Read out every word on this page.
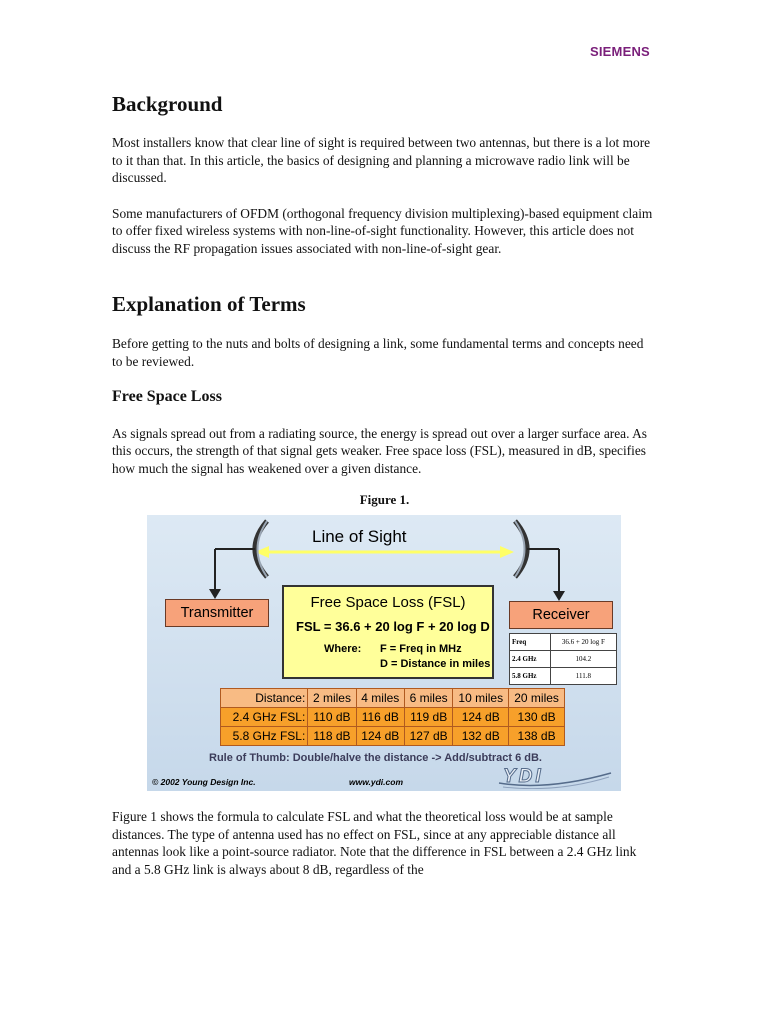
SIEMENS
Background

Most installers know that clear line of sight is required between two antennas, but there is a lot more to it than that. In this article, the basics of designing and planning a microwave radio link will be discussed.

Some manufacturers of OFDM (orthogonal frequency division multiplexing)-based equipment claim to offer fixed wireless systems with non-line-of-sight functionality. However, this article does not discuss the RF propagation issues associated with non-line-of-sight gear.

Explanation of Terms

Before getting to the nuts and bolts of designing a link, some fundamental terms and concepts need to be reviewed.

Free Space Loss

As signals spread out from a radiating source, the energy is spread out over a larger surface area. As this occurs, the strength of that signal gets weaker. Free space loss (FSL), measured in dB, specifies how much the signal has weakened over a given distance.

Figure 1.
Line of Sight
Transmitter	Receiver
Free Space Loss (FSL)
FSL = 36.6 + 20 log F + 20 log D
Where: F = Freq in MHz
D = Distance in miles
Freq	36.6 + 20 log F
2.4 GHz	104.2
5.8 GHz	111.8
Distance:	2 miles	4 miles	6 miles	10 miles	20 miles
2.4 GHz FSL:	110 dB	116 dB	119 dB	124 dB	130 dB
5.8 GHz FSL:	118 dB	124 dB	127 dB	132 dB	138 dB
Rule of Thumb: Double/halve the distance -> Add/subtract 6 dB.
© 2002 Young Design Inc.	www.ydi.com	YDI

Figure 1 shows the formula to calculate FSL and what the theoretical loss would be at sample distances. The type of antenna used has no effect on FSL, since at any appreciable distance all antennas look like a point-source radiator. Note that the difference in FSL between a 2.4 GHz link and a 5.8 GHz link is always about 8 dB, regardless of the
